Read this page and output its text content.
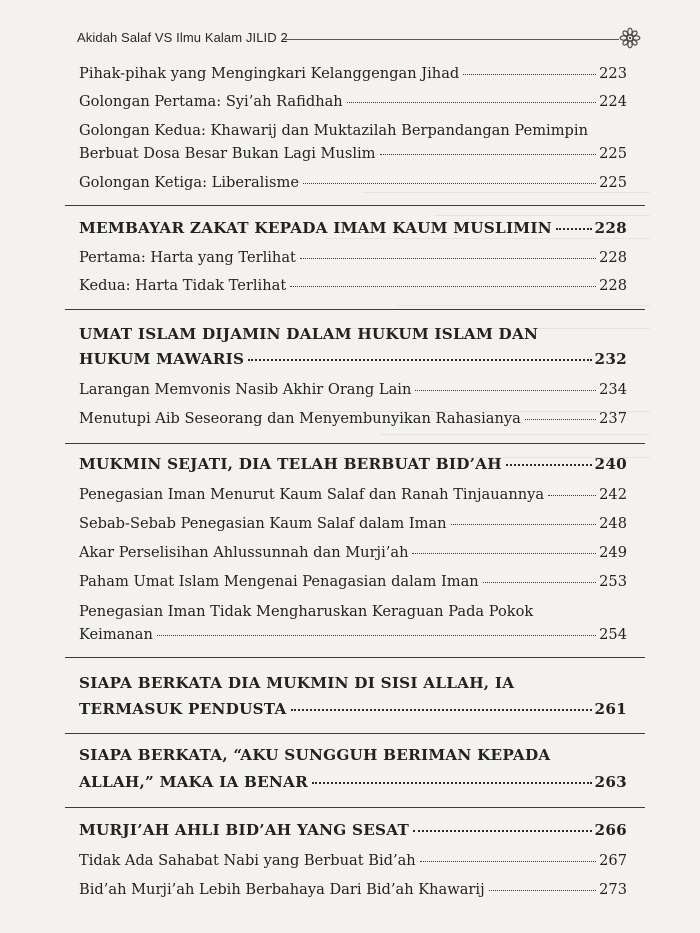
Akidah Salaf VS Ilmu Kalam JILID 2
Pihak-pihak yang Mengingkari Kelanggengan Jihad	223
Golongan Pertama: Syi’ah Rafidhah	224
Golongan Kedua: Khawarij dan Muktazilah Berpandangan Pemimpin
Berbuat Dosa Besar Bukan Lagi Muslim	225
Golongan Ketiga: Liberalisme	225
MEMBAYAR ZAKAT KEPADA IMAM KAUM MUSLIMIN	228
Pertama: Harta yang Terlihat	228
Kedua: Harta Tidak Terlihat	228
UMAT ISLAM DIJAMIN DALAM HUKUM ISLAM DAN
HUKUM MAWARIS	232
Larangan Memvonis Nasib Akhir Orang Lain	234
Menutupi Aib Seseorang dan Menyembunyikan Rahasianya	237
MUKMIN SEJATI, DIA TELAH BERBUAT BID’AH	240
Penegasian Iman Menurut Kaum Salaf dan Ranah Tinjauannya	242
Sebab-Sebab Penegasian Kaum Salaf dalam Iman	248
Akar Perselisihan Ahlussunnah dan Murji’ah	249
Paham Umat Islam Mengenai Penagasian dalam Iman	253
Penegasian Iman Tidak Mengharuskan Keraguan Pada Pokok
Keimanan	254
SIAPA BERKATA DIA MUKMIN DI SISI ALLAH, IA
TERMASUK PENDUSTA	261
SIAPA BERKATA, “AKU SUNGGUH BERIMAN KEPADA
ALLAH,” MAKA IA BENAR	263
MURJI’AH AHLI BID’AH YANG SESAT	266
Tidak Ada Sahabat Nabi yang Berbuat Bid’ah	267
Bid’ah Murji’ah Lebih Berbahaya Dari Bid’ah Khawarij	273
